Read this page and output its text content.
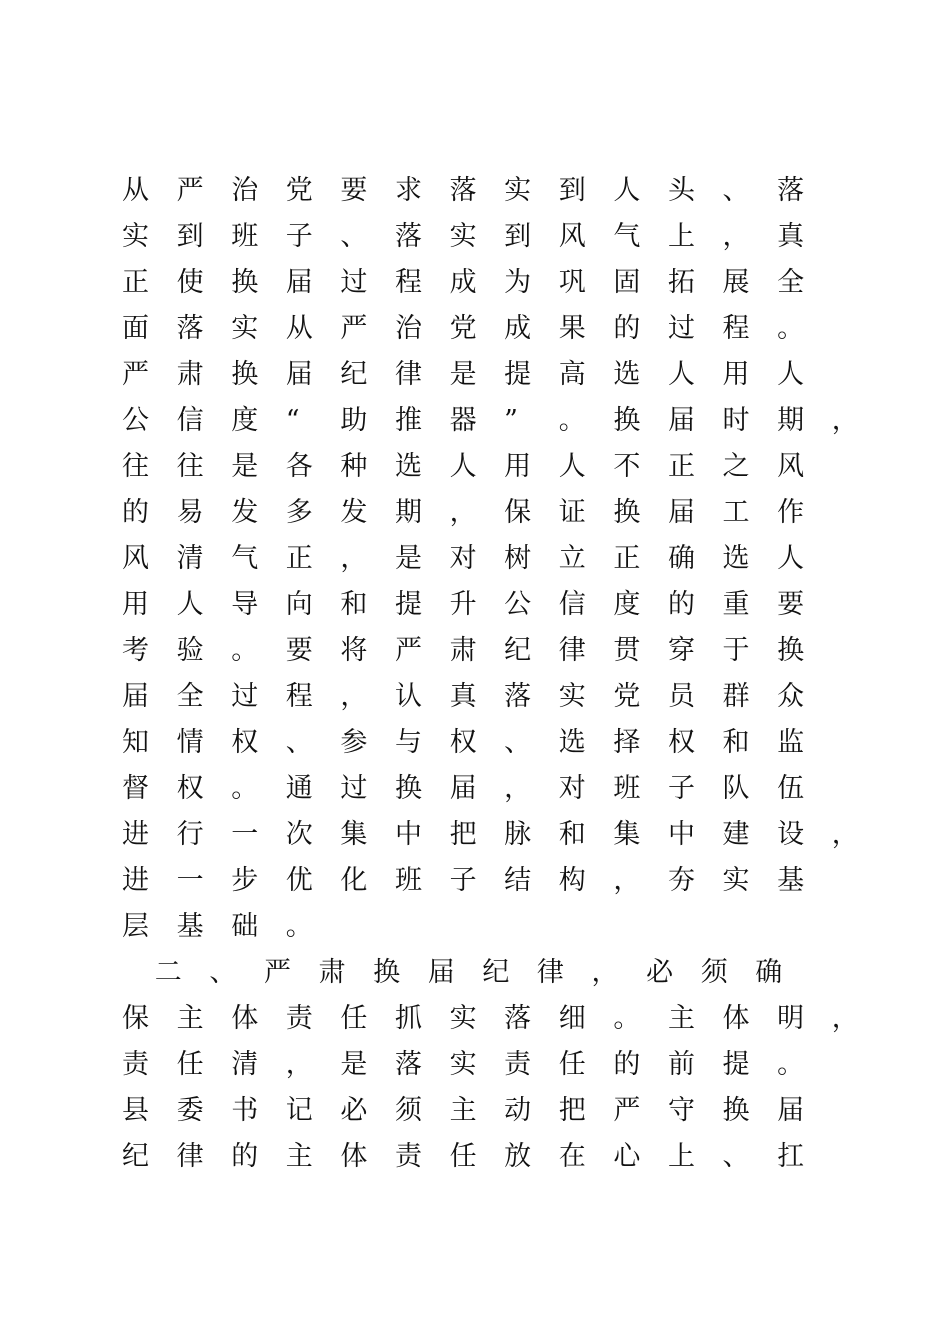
从 严 治 党 要 求 落 实 到 人 头 、 落
实 到 班 子 、 落 实 到 风 气 上 ， 真
正 使 换 届 过 程 成 为 巩 固 拓 展 全
面 落 实 从 严 治 党 成 果 的 过 程 。
严 肃 换 届 纪 律 是 提 高 选 人 用 人
公 信 度 “ 助 推 器 ” 。 换 届 时 期 ，
往 往 是 各 种 选 人 用 人 不 正 之 风
的 易 发 多 发 期 ， 保 证 换 届 工 作
风 清 气 正 ， 是 对 树 立 正 确 选 人
用 人 导 向 和 提 升 公 信 度 的 重 要
考 验 。 要 将 严 肃 纪 律 贯 穿 于 换
届 全 过 程 ， 认 真 落 实 党 员 群 众
知 情 权 、 参 与 权 、 选 择 权 和 监
督 权 。 通 过 换 届 ， 对 班 子 队 伍
进 行 一 次 集 中 把 脉 和 集 中 建 设 ，
进 一 步 优 化 班 子 结 构 ， 夯 实 基
层 基 础 。
二 、 严 肃 换 届 纪 律 ， 必 须 确
保 主 体 责 任 抓 实 落 细 。 主 体 明 ，
责 任 清 ， 是 落 实 责 任 的 前 提 。
县 委 书 记 必 须 主 动 把 严 守 换 届
纪 律 的 主 体 责 任 放 在 心 上 、 扛
